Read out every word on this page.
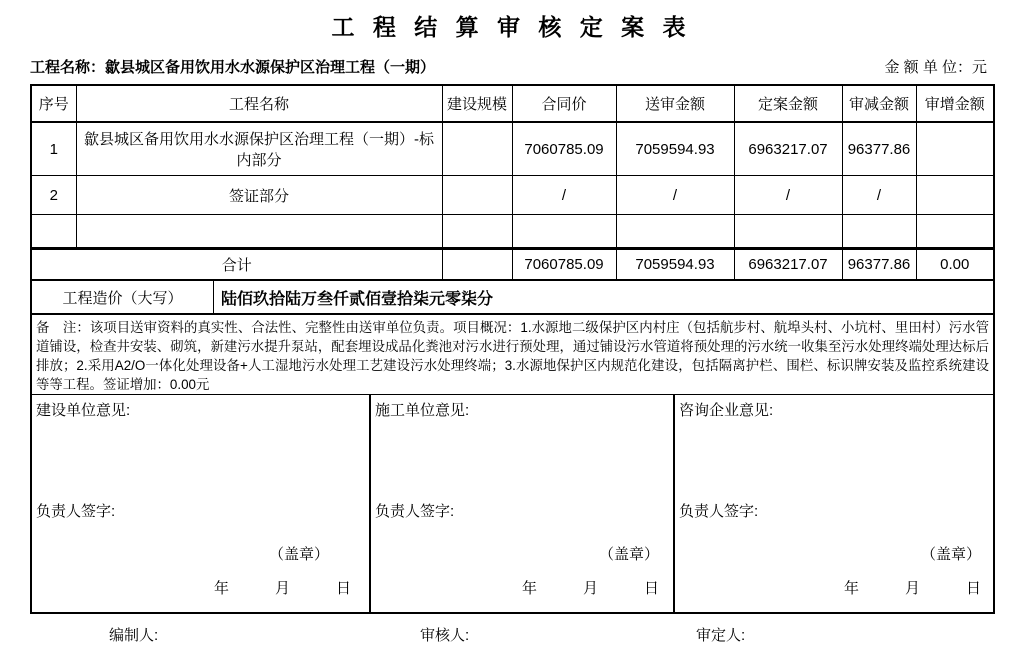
工 程 结 算 审 核 定 案 表
工程名称：歙县城区备用饮用水水源保护区治理工程（一期）	金 额 单 位：元
序号	工程名称	建设规模	合同价	送审金额	定案金额	审减金额	审增金额
1	歙县城区备用饮用水水源保护区治理工程（一期）-标内部分		7060785.09	7059594.93	6963217.07	96377.86	
2	签证部分		/	/	/	/	

合计			7060785.09	7059594.93	6963217.07	96377.86	0.00

工程造价（大写） 陆佰玖拾陆万叁仟贰佰壹拾柒元零柒分							

备　注：该项目送审资料的真实性、合法性、完整性由送审单位负责。项目概况：1.水源地二级保护区内村庄（包括航步村、航埠头村、小坑村、里田村）污水管道铺设，检查井安装、砌筑，新建污水提升泵站，配套埋设成品化粪池对污水进行预处理，通过铺设污水管道将预处理的污水统一收集至污水处理终端处理达标后排放；2.采用A2/O一体化处理设备+人工湿地污水处理工艺建设污水处理终端；3.水源地保护区内规范化建设，包括隔离护栏、围栏、标识牌安装及监控系统建设等等工程。签证增加：0.00元							

建设单位意见:
负责人签字:
（盖章）
年	月	日
施工单位意见:
负责人签字:
（盖章）
年	月	日
咨询企业意见:
负责人签字:
（盖章）
年	月	日
编制人:	审核人:	审定人:
